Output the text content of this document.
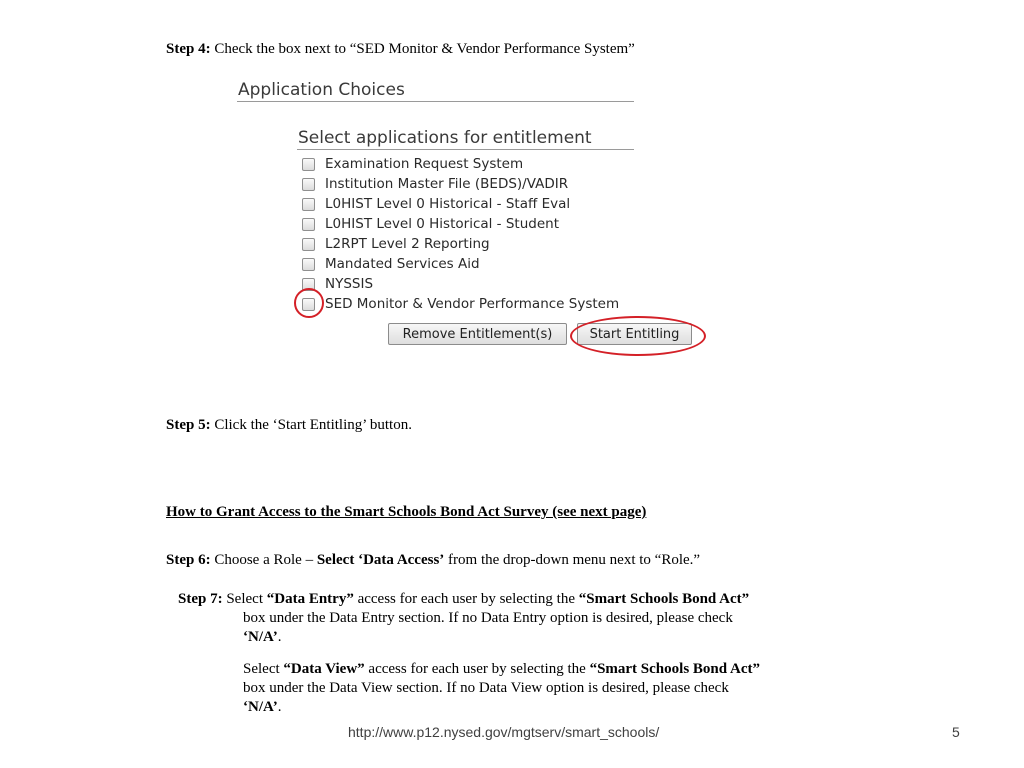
Step 4: Check the box next to “SED Monitor & Vendor Performance System”
Application Choices
Select applications for entitlement
Examination Request System
Institution Master File (BEDS)/VADIR
L0HIST Level 0 Historical - Staff Eval
L0HIST Level 0 Historical - Student
L2RPT Level 2 Reporting
Mandated Services Aid
NYSSIS
SED Monitor & Vendor Performance System
Remove Entitlement(s)	Start Entitling
Step 5: Click the ‘Start Entitling’ button.
How to Grant Access to the Smart Schools Bond Act Survey (see next page)
Step 6: Choose a Role – Select ‘Data Access’ from the drop-down menu next to “Role.”
Step 7: Select “Data Entry” access for each user by selecting the “Smart Schools Bond Act”
box under the Data Entry section. If no Data Entry option is desired, please check
‘N/A’.
Select “Data View” access for each user by selecting the “Smart Schools Bond Act”
box under the Data View section. If no Data View option is desired, please check
‘N/A’.
http://www.p12.nysed.gov/mgtserv/smart_schools/	5
